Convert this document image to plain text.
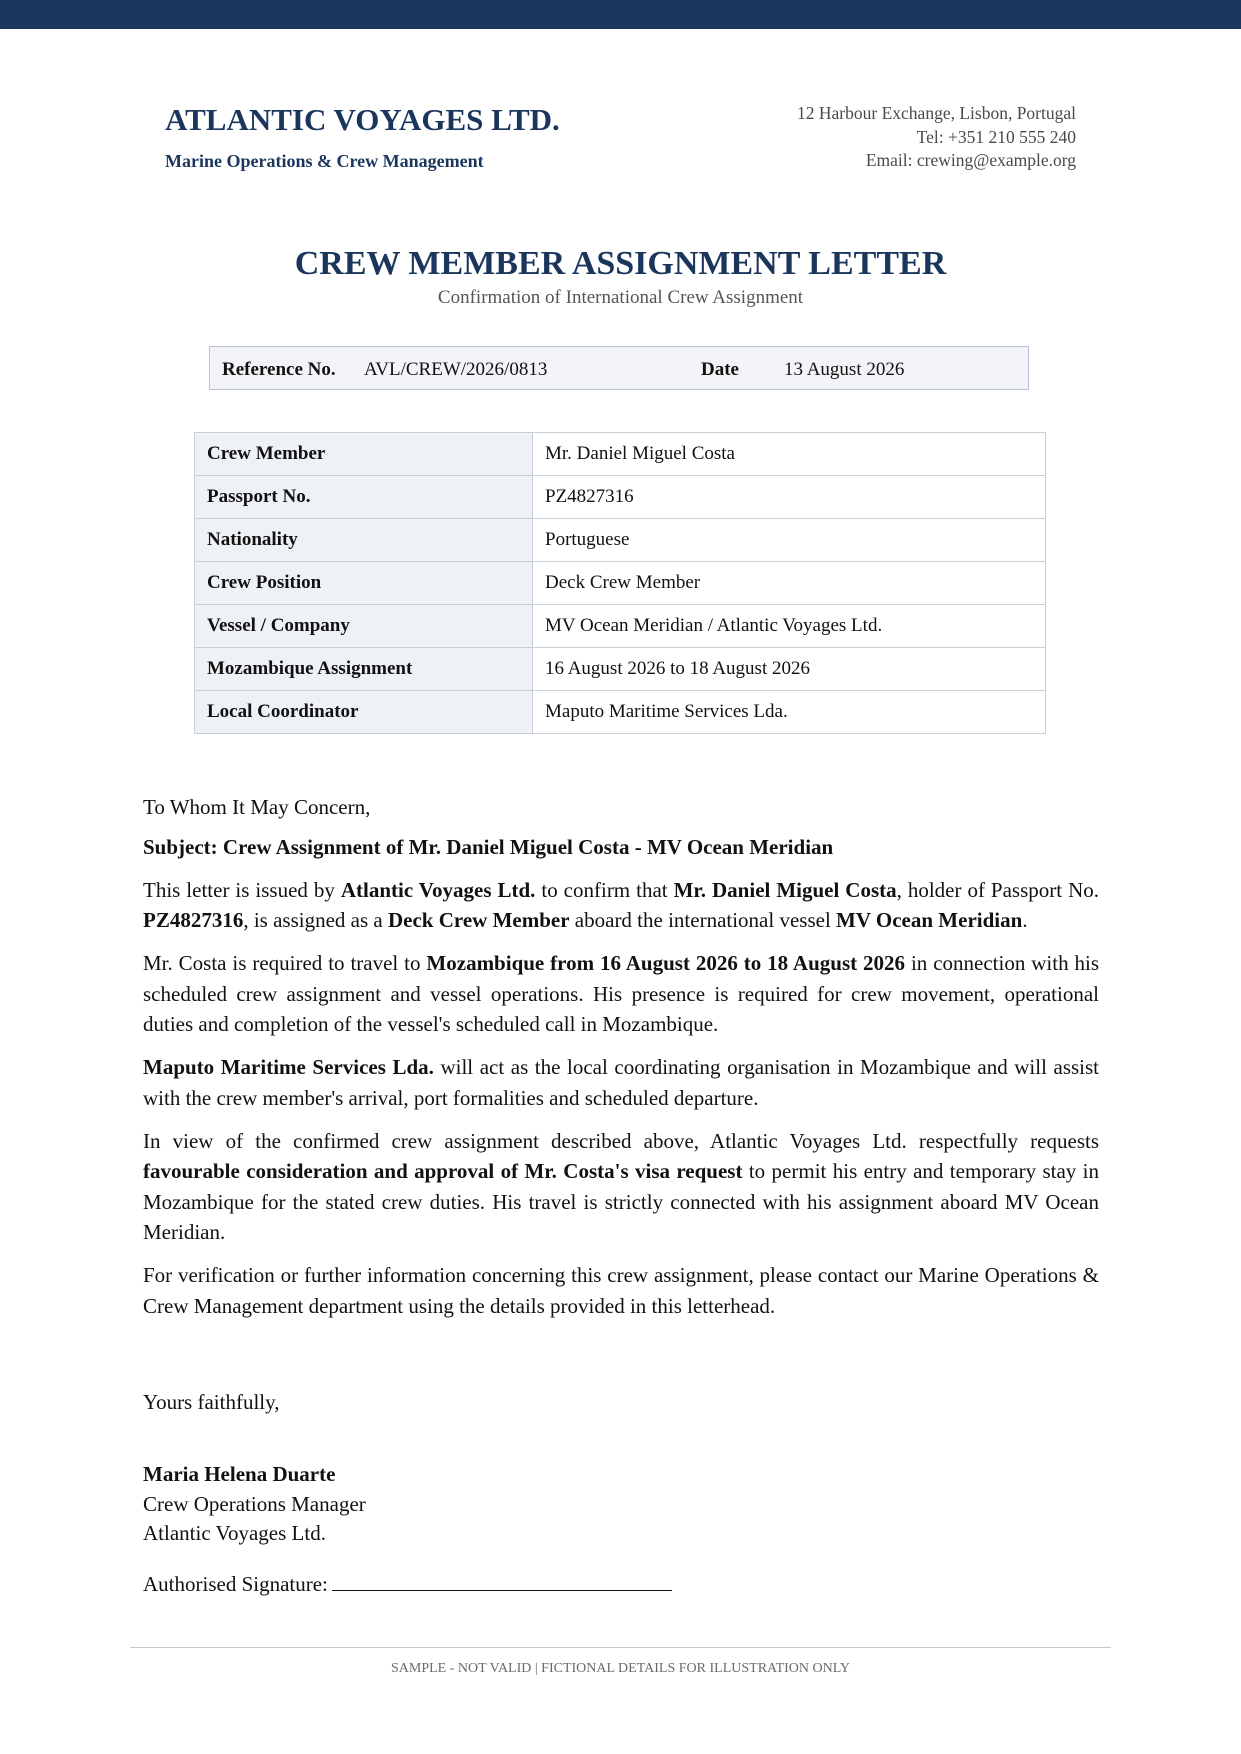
ATLANTIC VOYAGES LTD.
Marine Operations & Crew Management
12 Harbour Exchange, Lisbon, Portugal
Tel: +351 210 555 240
Email: crewing@example.org
CREW MEMBER ASSIGNMENT LETTER
Confirmation of International Crew Assignment
Reference No. AVL/CREW/2026/0813	Date 13 August 2026
Crew Member	Mr. Daniel Miguel Costa
Passport No.	PZ4827316
Nationality	Portuguese
Crew Position	Deck Crew Member
Vessel / Company	MV Ocean Meridian / Atlantic Voyages Ltd.
Mozambique Assignment	16 August 2026 to 18 August 2026
Local Coordinator	Maputo Maritime Services Lda.

To Whom It May Concern,

Subject: Crew Assignment of Mr. Daniel Miguel Costa - MV Ocean Meridian

This letter is issued by Atlantic Voyages Ltd. to confirm that Mr. Daniel Miguel Costa, holder of Passport No. PZ4827316, is assigned as a Deck Crew Member aboard the international vessel MV Ocean Meridian.

Mr. Costa is required to travel to Mozambique from 16 August 2026 to 18 August 2026 in connection with his scheduled crew assignment and vessel operations. His presence is required for crew movement, operational duties and completion of the vessel's scheduled call in Mozambique.

Maputo Maritime Services Lda. will act as the local coordinating organisation in Mozambique and will assist with the crew member's arrival, port formalities and scheduled departure.

In view of the confirmed crew assignment described above, Atlantic Voyages Ltd. respectfully requests favourable consideration and approval of Mr. Costa's visa request to permit his entry and temporary stay in Mozambique for the stated crew duties. His travel is strictly connected with his assignment aboard MV Ocean Meridian.

For verification or further information concerning this crew assignment, please contact our Marine Operations & Crew Management department using the details provided in this letterhead.

Yours faithfully,
Maria Helena Duarte
Crew Operations Manager
Atlantic Voyages Ltd.
Authorised Signature:
SAMPLE - NOT VALID | FICTIONAL DETAILS FOR ILLUSTRATION ONLY
